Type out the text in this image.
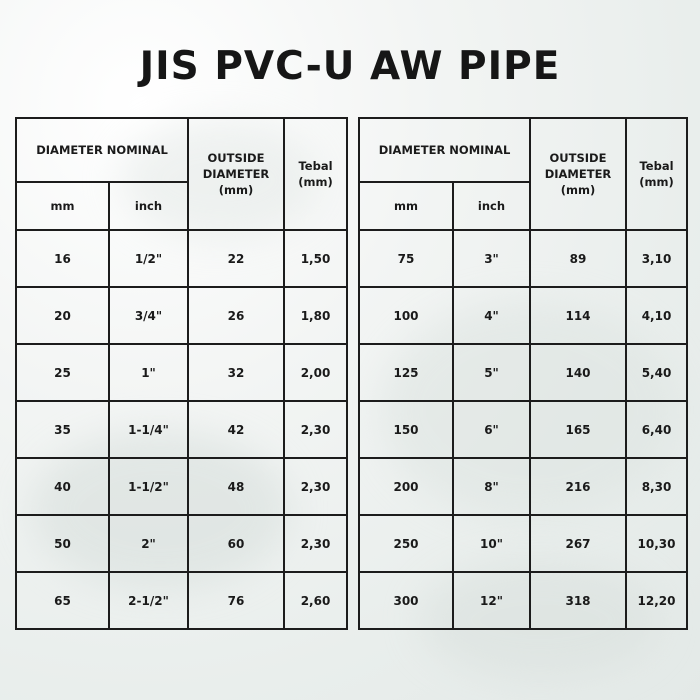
JIS PVC-U AW PIPE
DIAMETER NOMINAL		OUTSIDE DIAMETER (mm)	Tebal (mm)
mm	inch		
16	1/2"	22	1,50
20	3/4"	26	1,80
25	1"	32	2,00
35	1-1/4"	42	2,30
40	1-1/2"	48	2,30
50	2"	60	2,30
65	2-1/2"	76	2,60
DIAMETER NOMINAL		OUTSIDE DIAMETER (mm)	Tebal (mm)
mm	inch		
75	3"	89	3,10
100	4"	114	4,10
125	5"	140	5,40
150	6"	165	6,40
200	8"	216	8,30
250	10"	267	10,30
300	12"	318	12,20
